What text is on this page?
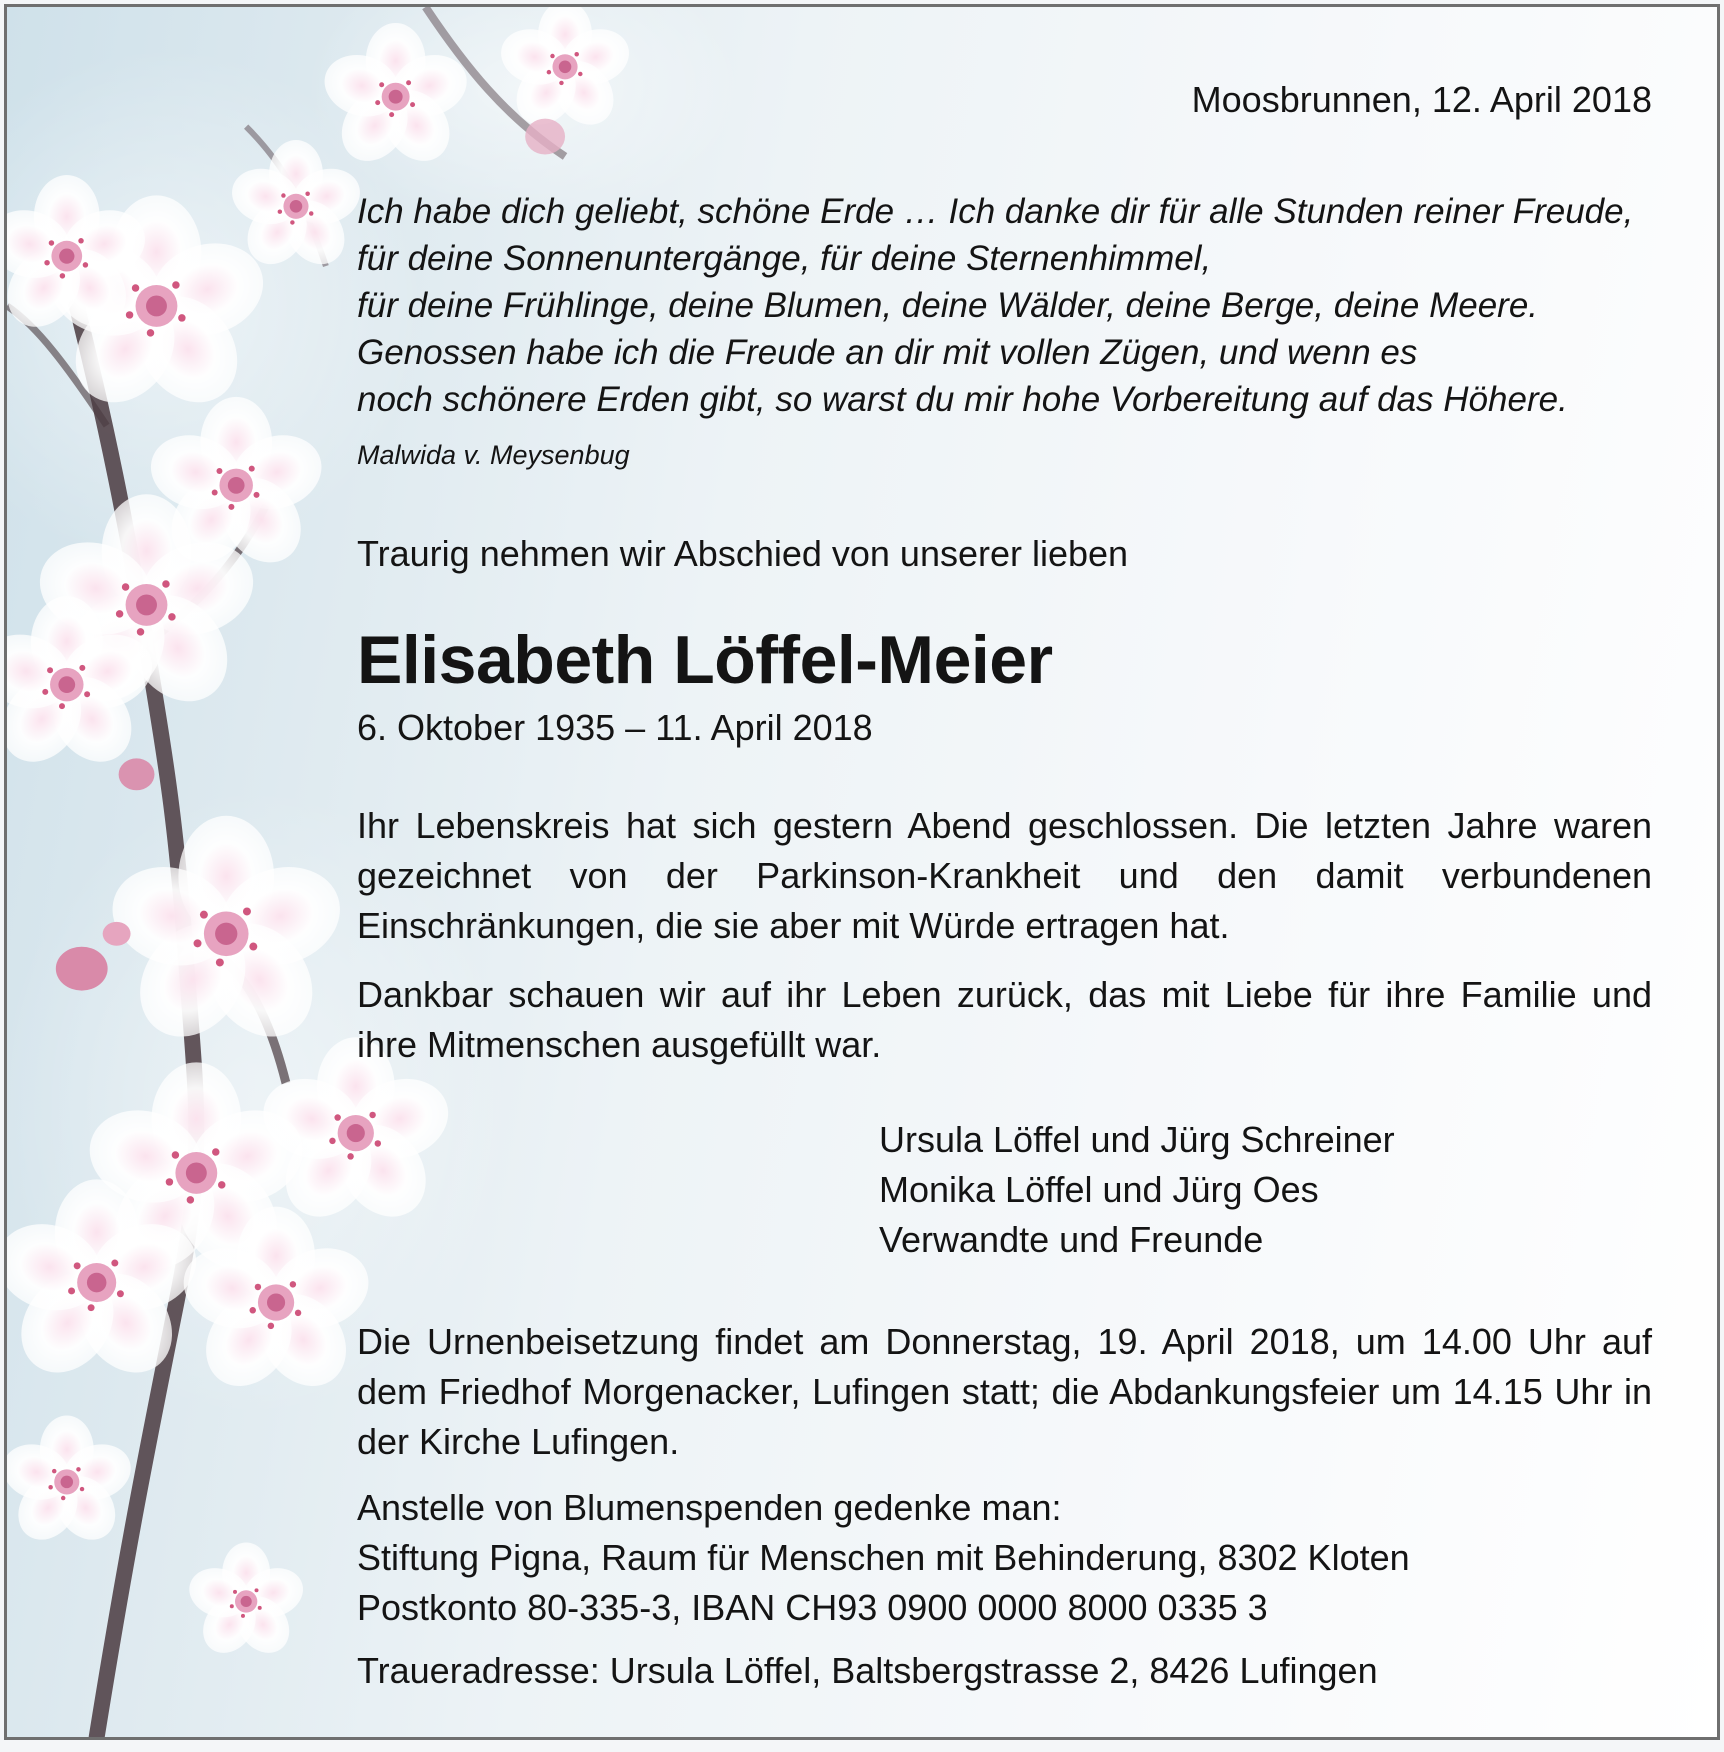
Moosbrunnen, 12. April 2018
Ich habe dich geliebt, schöne Erde … Ich danke dir für alle Stunden reiner Freude,
für deine Sonnenuntergänge, für deine Sternenhimmel,
für deine Frühlinge, deine Blumen, deine Wälder, deine Berge, deine Meere.
Genossen habe ich die Freude an dir mit vollen Zügen, und wenn es
noch schönere Erden gibt, so warst du mir hohe Vorbereitung auf das Höhere.
Malwida v. Meysenbug
Traurig nehmen wir Abschied von unserer lieben
Elisabeth Löffel-Meier
6. Oktober 1935 – 11. April 2018

Ihr Lebenskreis hat sich gestern Abend geschlossen. Die letzten Jahre waren gezeichnet von der Parkinson-Krankheit und den damit verbundenen Einschränkungen, die sie aber mit Würde ertragen hat.

Dankbar schauen wir auf ihr Leben zurück, das mit Liebe für ihre Familie und ihre Mitmenschen ausgefüllt war.

Ursula Löffel und Jürg Schreiner
Monika Löffel und Jürg Oes
Verwandte und Freunde

Die Urnenbeisetzung findet am Donnerstag, 19. April 2018, um 14.00 Uhr auf dem Friedhof Morgenacker, Lufingen statt; die Abdankungsfeier um 14.15 Uhr in der Kirche Lufingen.

Anstelle von Blumenspenden gedenke man:
Stiftung Pigna, Raum für Menschen mit Behinderung, 8302 Kloten
Postkonto 80-335-3, IBAN CH93 0900 0000 8000 0335 3
Traueradresse: Ursula Löffel, Baltsbergstrasse 2, 8426 Lufingen
